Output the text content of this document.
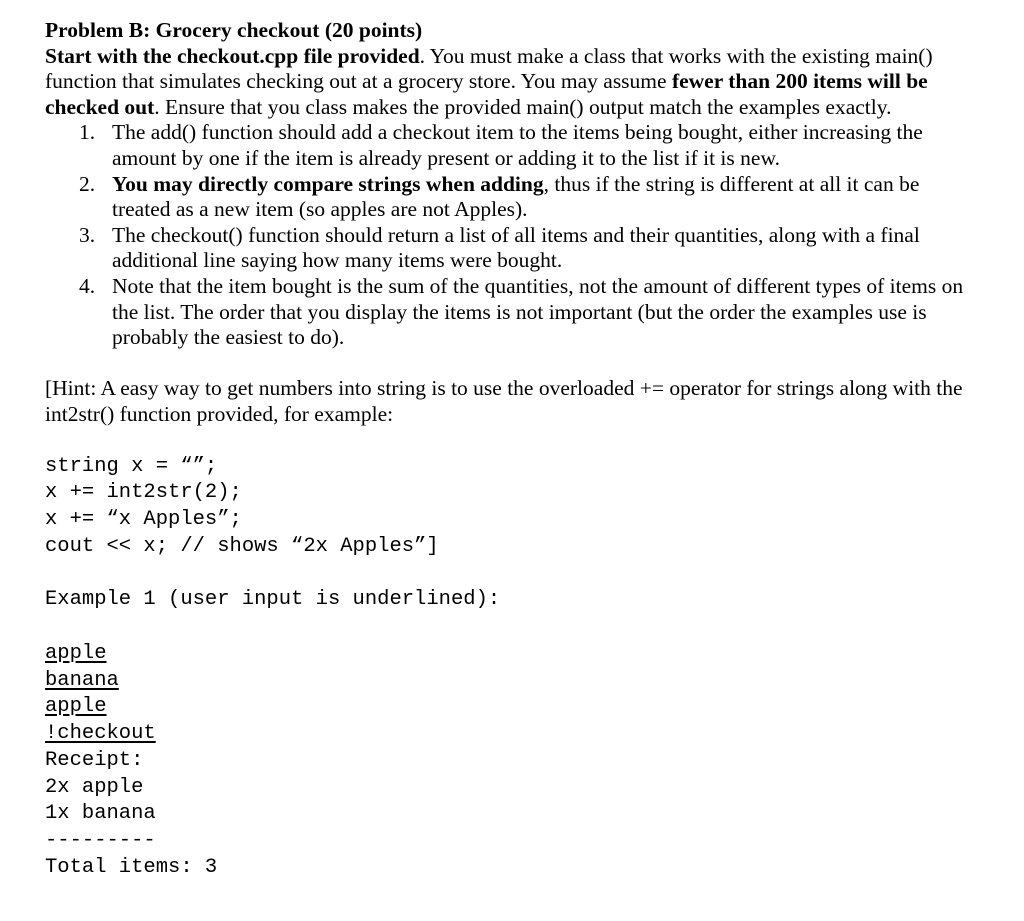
Problem B: Grocery checkout (20 points)

Start with the checkout.cpp file provided. You must make a class that works with the existing main() function that simulates checking out at a grocery store. You may assume fewer than 200 items will be checked out. Ensure that you class makes the provided main() output match the examples exactly.

1. The add() function should add a checkout item to the items being bought, either increasing the amount by one if the item is already present or adding it to the list if it is new.
2. You may directly compare strings when adding, thus if the string is different at all it can be treated as a new item (so apples are not Apples).
3. The checkout() function should return a list of all items and their quantities, along with a final additional line saying how many items were bought.
4. Note that the item bought is the sum of the quantities, not the amount of different types of items on the list. The order that you display the items is not important (but the order the examples use is probably the easiest to do).

[Hint: A easy way to get numbers into string is to use the overloaded += operator for strings along with the int2str() function provided, for example:

string x = “”;

x += int2str(2);

x += “x Apples”;

cout << x; // shows “2x Apples”]

Example 1 (user input is underlined):

apple

banana

apple

!checkout

Receipt:

2x apple

1x banana

---------

Total items: 3
